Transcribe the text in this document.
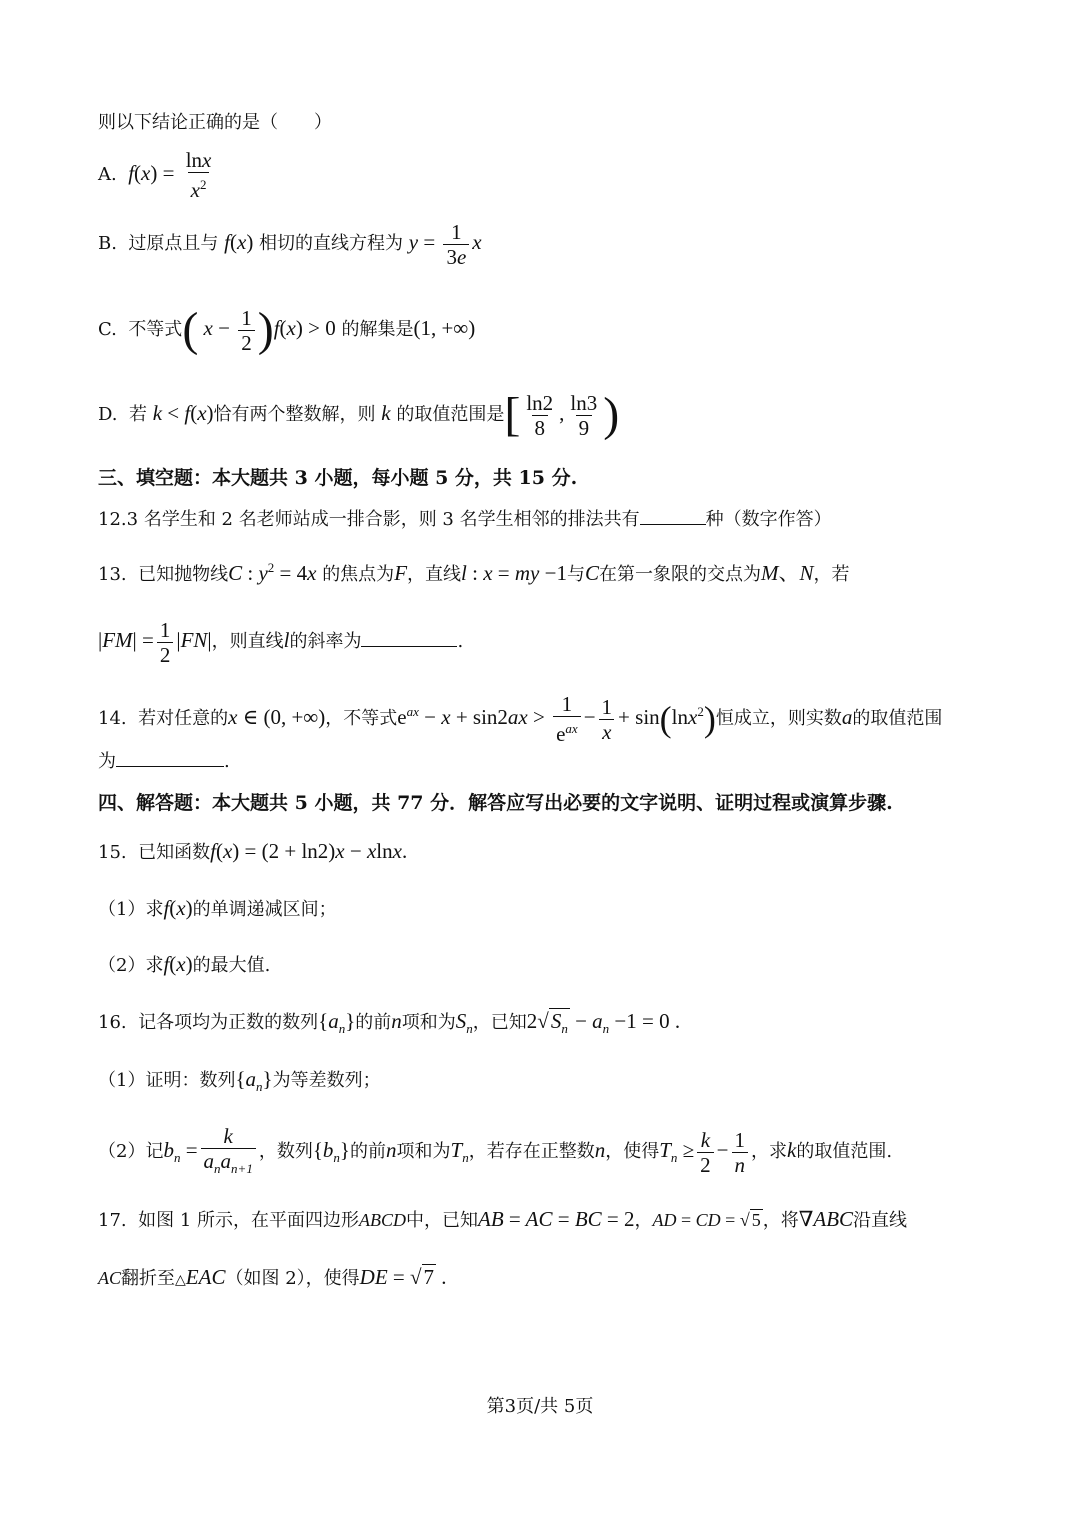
则以下结论正确的是（　　）
A. $f(x) = \frac{\ln x}{x^2}$
B. 过原点且与 f(x) 相切的直线方程为 $y = \frac{1}{3e}$ x
C. 不等式( $x - \frac{1}{2} )f(x) > 0$ 的解集是(1, +∞)
D. 若 k < f(x)恰有两个整数解，则 k 的取值范围是[ $\frac{\ln 2}{8}$ , $\frac{\ln 3}{9}$ )
三、填空题：本大题共 3 小题，每小题 5 分，共 15 分.
12.3 名学生和 2 名老师站成一排合影，则 3 名学生相邻的排法共有	种（数字作答）
13. 已知抛物线C : $y^2 = 4x$ 的焦点为F，直线l : x = my −1与C在第一象限的交点为M、N，若
$|FM| = \frac{1}{2} |FN|$，则直线l的斜率为	.
14. 若对任意的x ∈ (0, +∞)，不等式$e^{ax} - x + \sin 2ax > \frac{1}{e^{ax}} - \frac{1}{x} + \sin(\ln x^2)$恒成立，则实数a的取值范围
为	.
四、解答题：本大题共 5 小题，共 77 分．解答应写出必要的文字说明、证明过程或演算步骤.
15. 已知函数f(x) = (2 + ln2)x − xlnx.
（1）求f(x)的单调递减区间；
（2）求f(x)的最大值.
16. 记各项均为正数的数列$\{a_n\}$的前n项和为$S_n$，已知$2√S_n - a_n -1 = 0$ .
（1）证明：数列$\{a_n\}$为等差数列；
（2）记$b_n = \frac{k}{a_na_{n+1}}$ ，数列$\{b_n\}$的前n项和为$T_n$，若存在正整数n，使得$T_n \ge \frac{k}{2} - \frac{1}{n}$ ，求k的取值范围.
17. 如图 1 所示，在平面四边形ABCD中，已知AB = AC = BC = 2，AD = CD = √ 5 ，将∇ABC沿直线
AC翻折至△EAC（如图 2），使得DE = √7 .
第3页/共 5页
